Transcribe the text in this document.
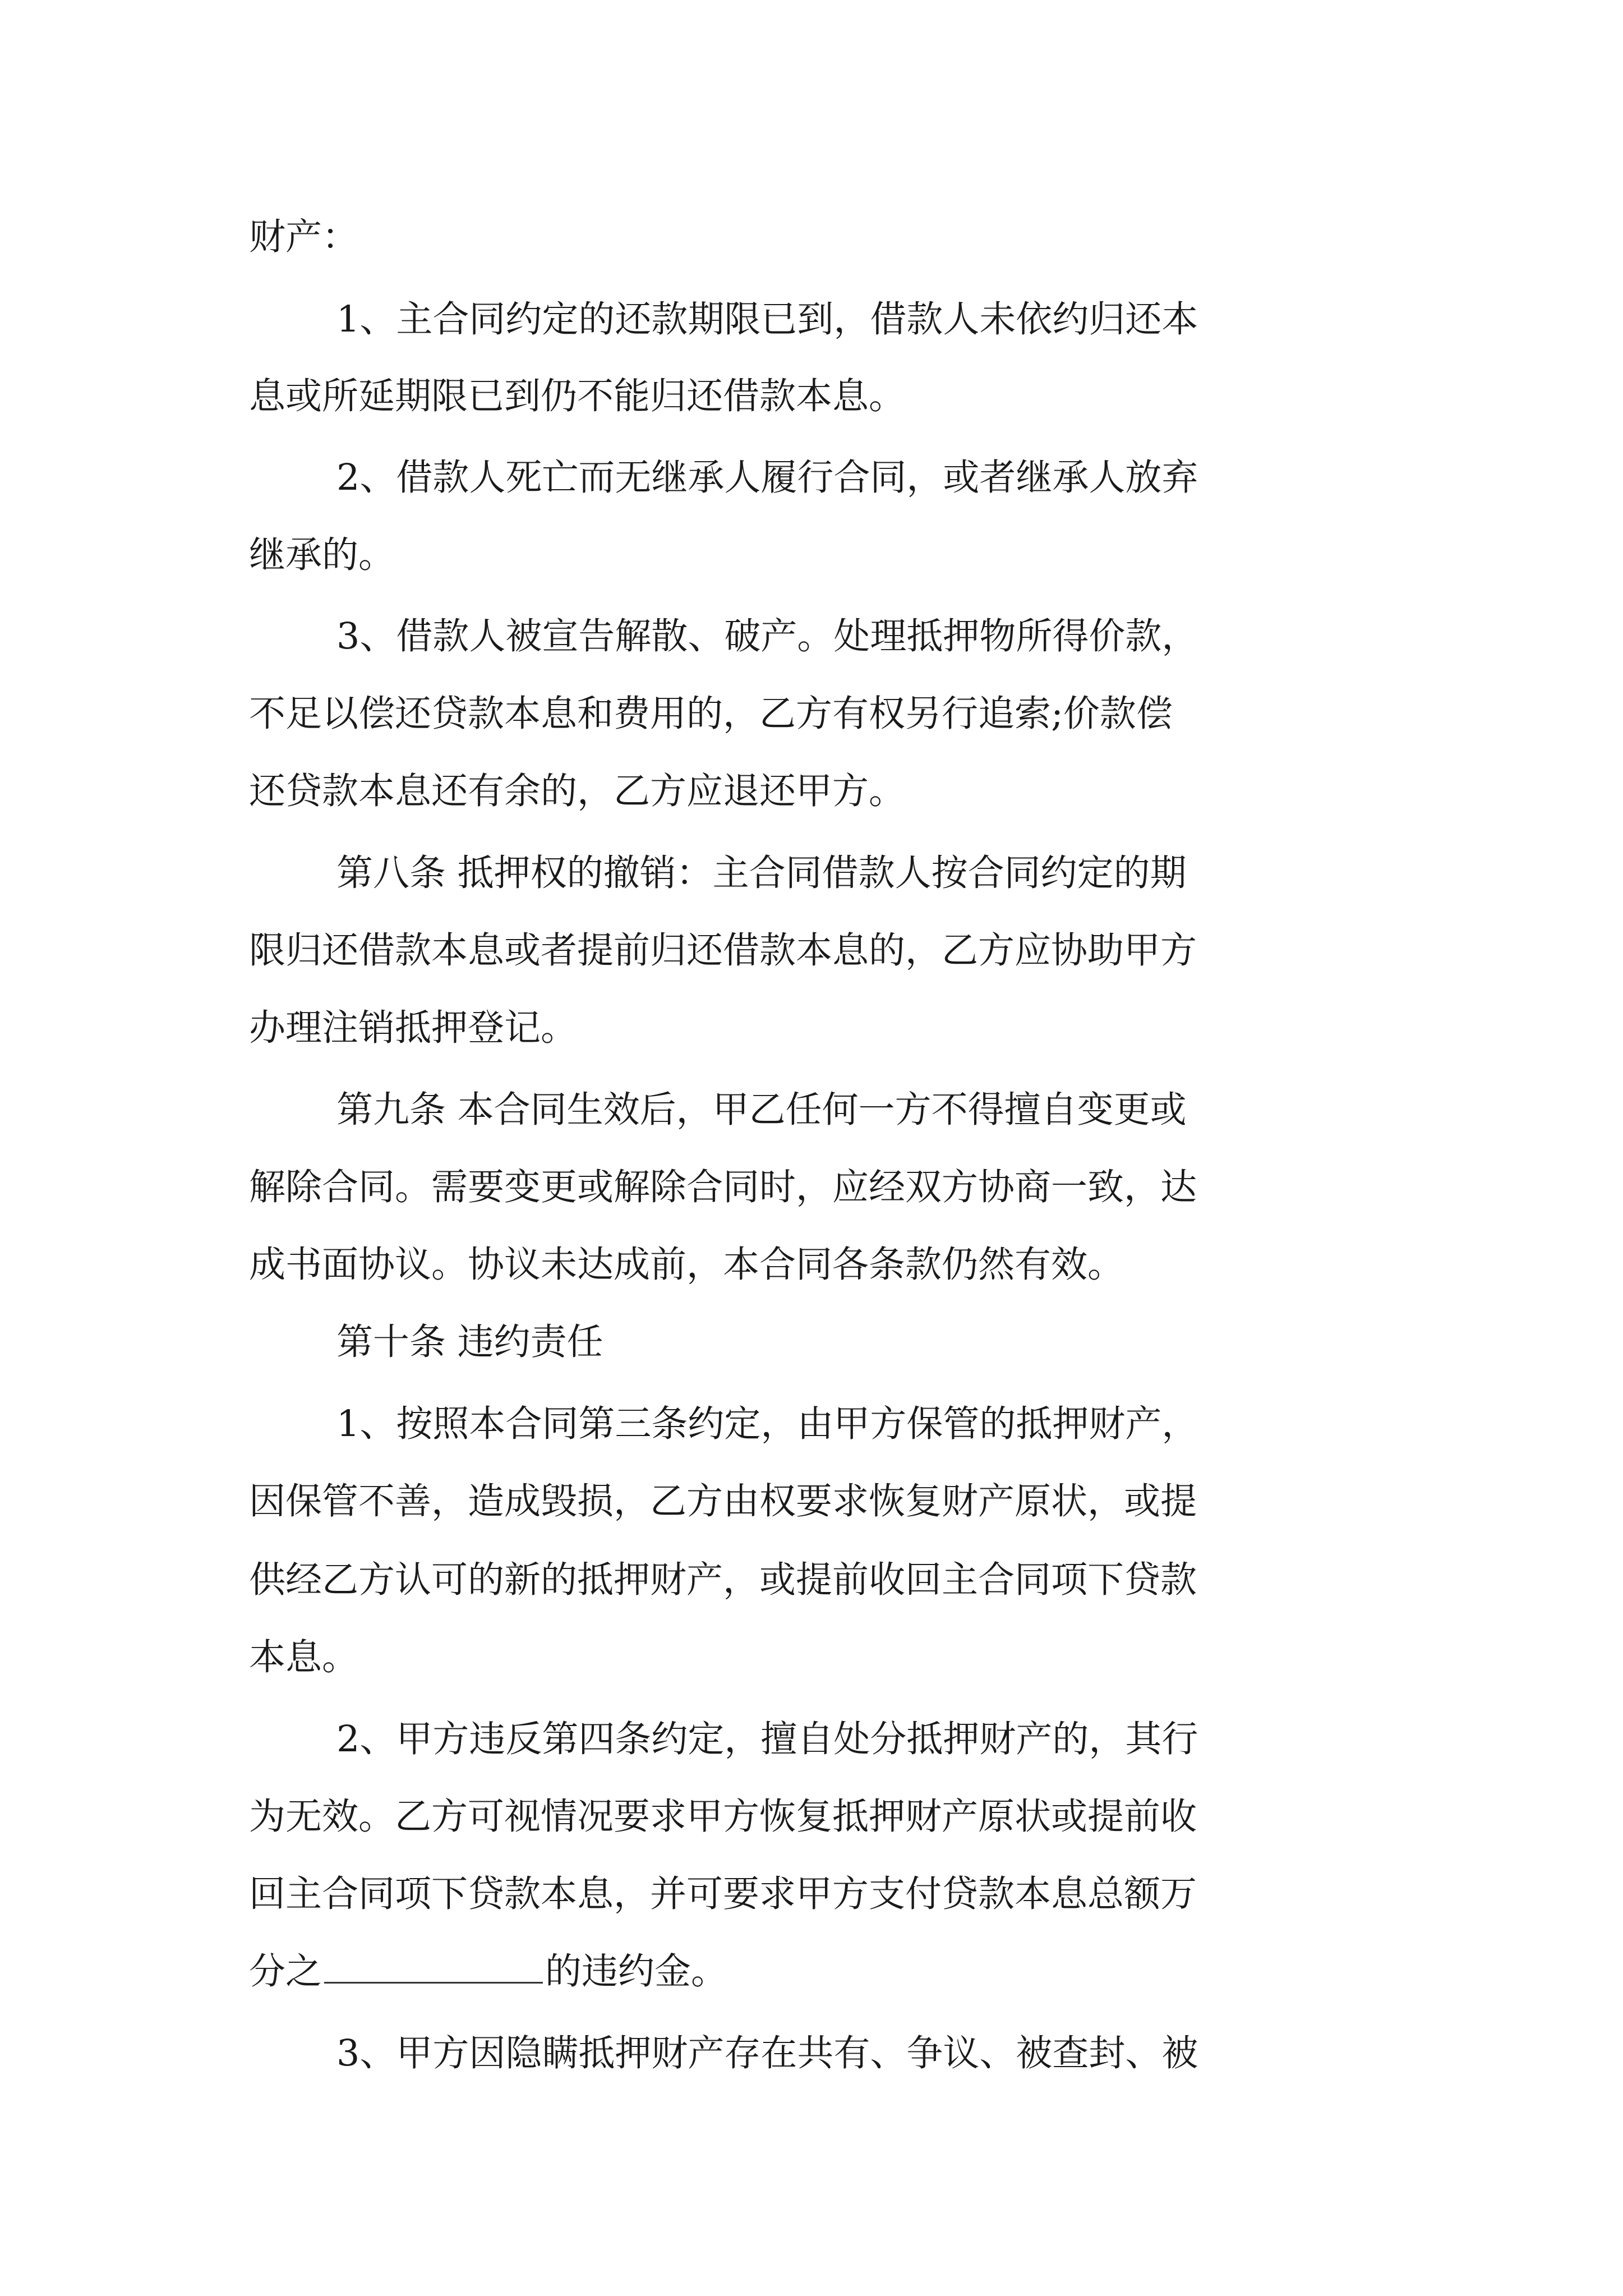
财产：
1、主合同约定的还款期限已到，借款人未依约归还本
息或所延期限已到仍不能归还借款本息。
2、借款人死亡而无继承人履行合同，或者继承人放弃
继承的。
3、借款人被宣告解散、破产。处理抵押物所得价款，
不足以偿还贷款本息和费用的，乙方有权另行追索;价款偿
还贷款本息还有余的，乙方应退还甲方。
第八条 抵押权的撤销：主合同借款人按合同约定的期
限归还借款本息或者提前归还借款本息的，乙方应协助甲方
办理注销抵押登记。
第九条 本合同生效后，甲乙任何一方不得擅自变更或
解除合同。需要变更或解除合同时，应经双方协商一致，达
成书面协议。协议未达成前，本合同各条款仍然有效。
第十条 违约责任
1、按照本合同第三条约定，由甲方保管的抵押财产，
因保管不善，造成毁损，乙方由权要求恢复财产原状，或提
供经乙方认可的新的抵押财产，或提前收回主合同项下贷款
本息。
2、甲方违反第四条约定，擅自处分抵押财产的，其行
为无效。乙方可视情况要求甲方恢复抵押财产原状或提前收
回主合同项下贷款本息，并可要求甲方支付贷款本息总额万
分之	的违约金。
3、甲方因隐瞒抵押财产存在共有、争议、被查封、被
